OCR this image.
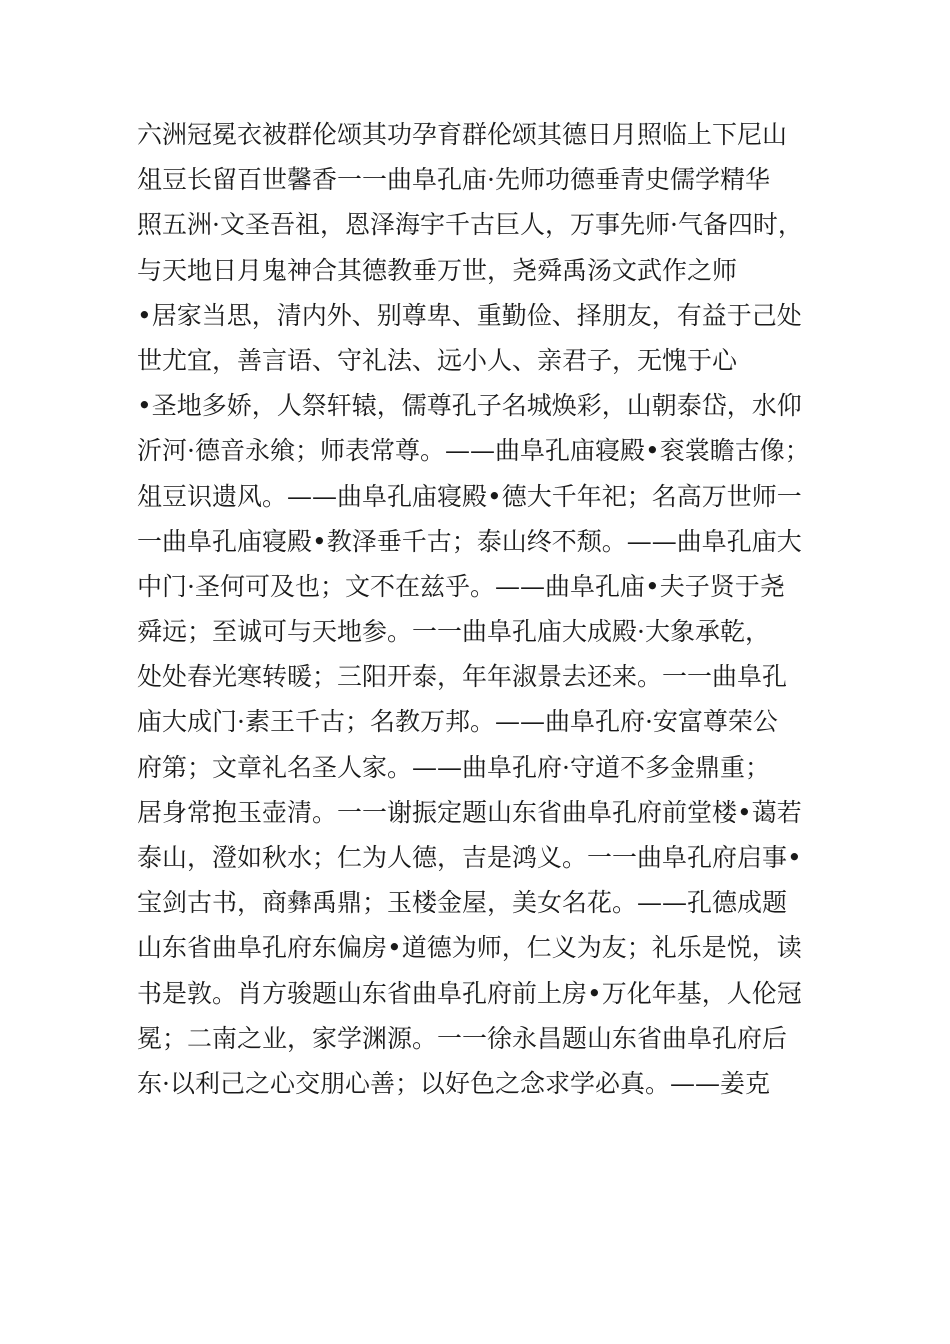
六洲冠冕衣被群伦颂其功孕育群伦颂其德日月照临上下尼山
俎豆长留百世馨香一一曲阜孔庙·先师功德垂青史儒学精华
照五洲·文圣吾祖，恩泽海宇千古巨人，万事先师·气备四时，
与天地日月鬼神合其德教垂万世，尧舜禹汤文武作之师
•居家当思，清内外、别尊卑、重勤俭、择朋友，有益于己处
世尤宜，善言语、守礼法、远小人、亲君子，无愧于心
•圣地多娇，人祭轩辕，儒尊孔子名城焕彩，山朝泰岱，水仰
沂河·德音永飨；师表常尊。——曲阜孔庙寝殿•衮裳瞻古像；
俎豆识遗风。——曲阜孔庙寝殿•德大千年祀；名高万世师一
一曲阜孔庙寝殿•教泽垂千古；泰山终不颓。——曲阜孔庙大
中门·圣何可及也；文不在兹乎。——曲阜孔庙•夫子贤于尧
舜远；至诚可与天地参。一一曲阜孔庙大成殿·大象承乾，
处处春光寒转暖；三阳开泰，年年淑景去还来。一一曲阜孔
庙大成门·素王千古；名教万邦。——曲阜孔府·安富尊荣公
府第；文章礼名圣人家。——曲阜孔府·守道不多金鼎重；
居身常抱玉壶清。一一谢振定题山东省曲阜孔府前堂楼•蔼若
泰山，澄如秋水；仁为人德，吉是鸿义。一一曲阜孔府启事•
宝剑古书，商彝禹鼎；玉楼金屋，美女名花。——孔德成题
山东省曲阜孔府东偏房•道德为师，仁义为友；礼乐是悦，读
书是敦。肖方骏题山东省曲阜孔府前上房•万化年基，人伦冠
冕；二南之业，家学渊源。一一徐永昌题山东省曲阜孔府后
东·以利己之心交朋心善；以好色之念求学必真。——姜克
